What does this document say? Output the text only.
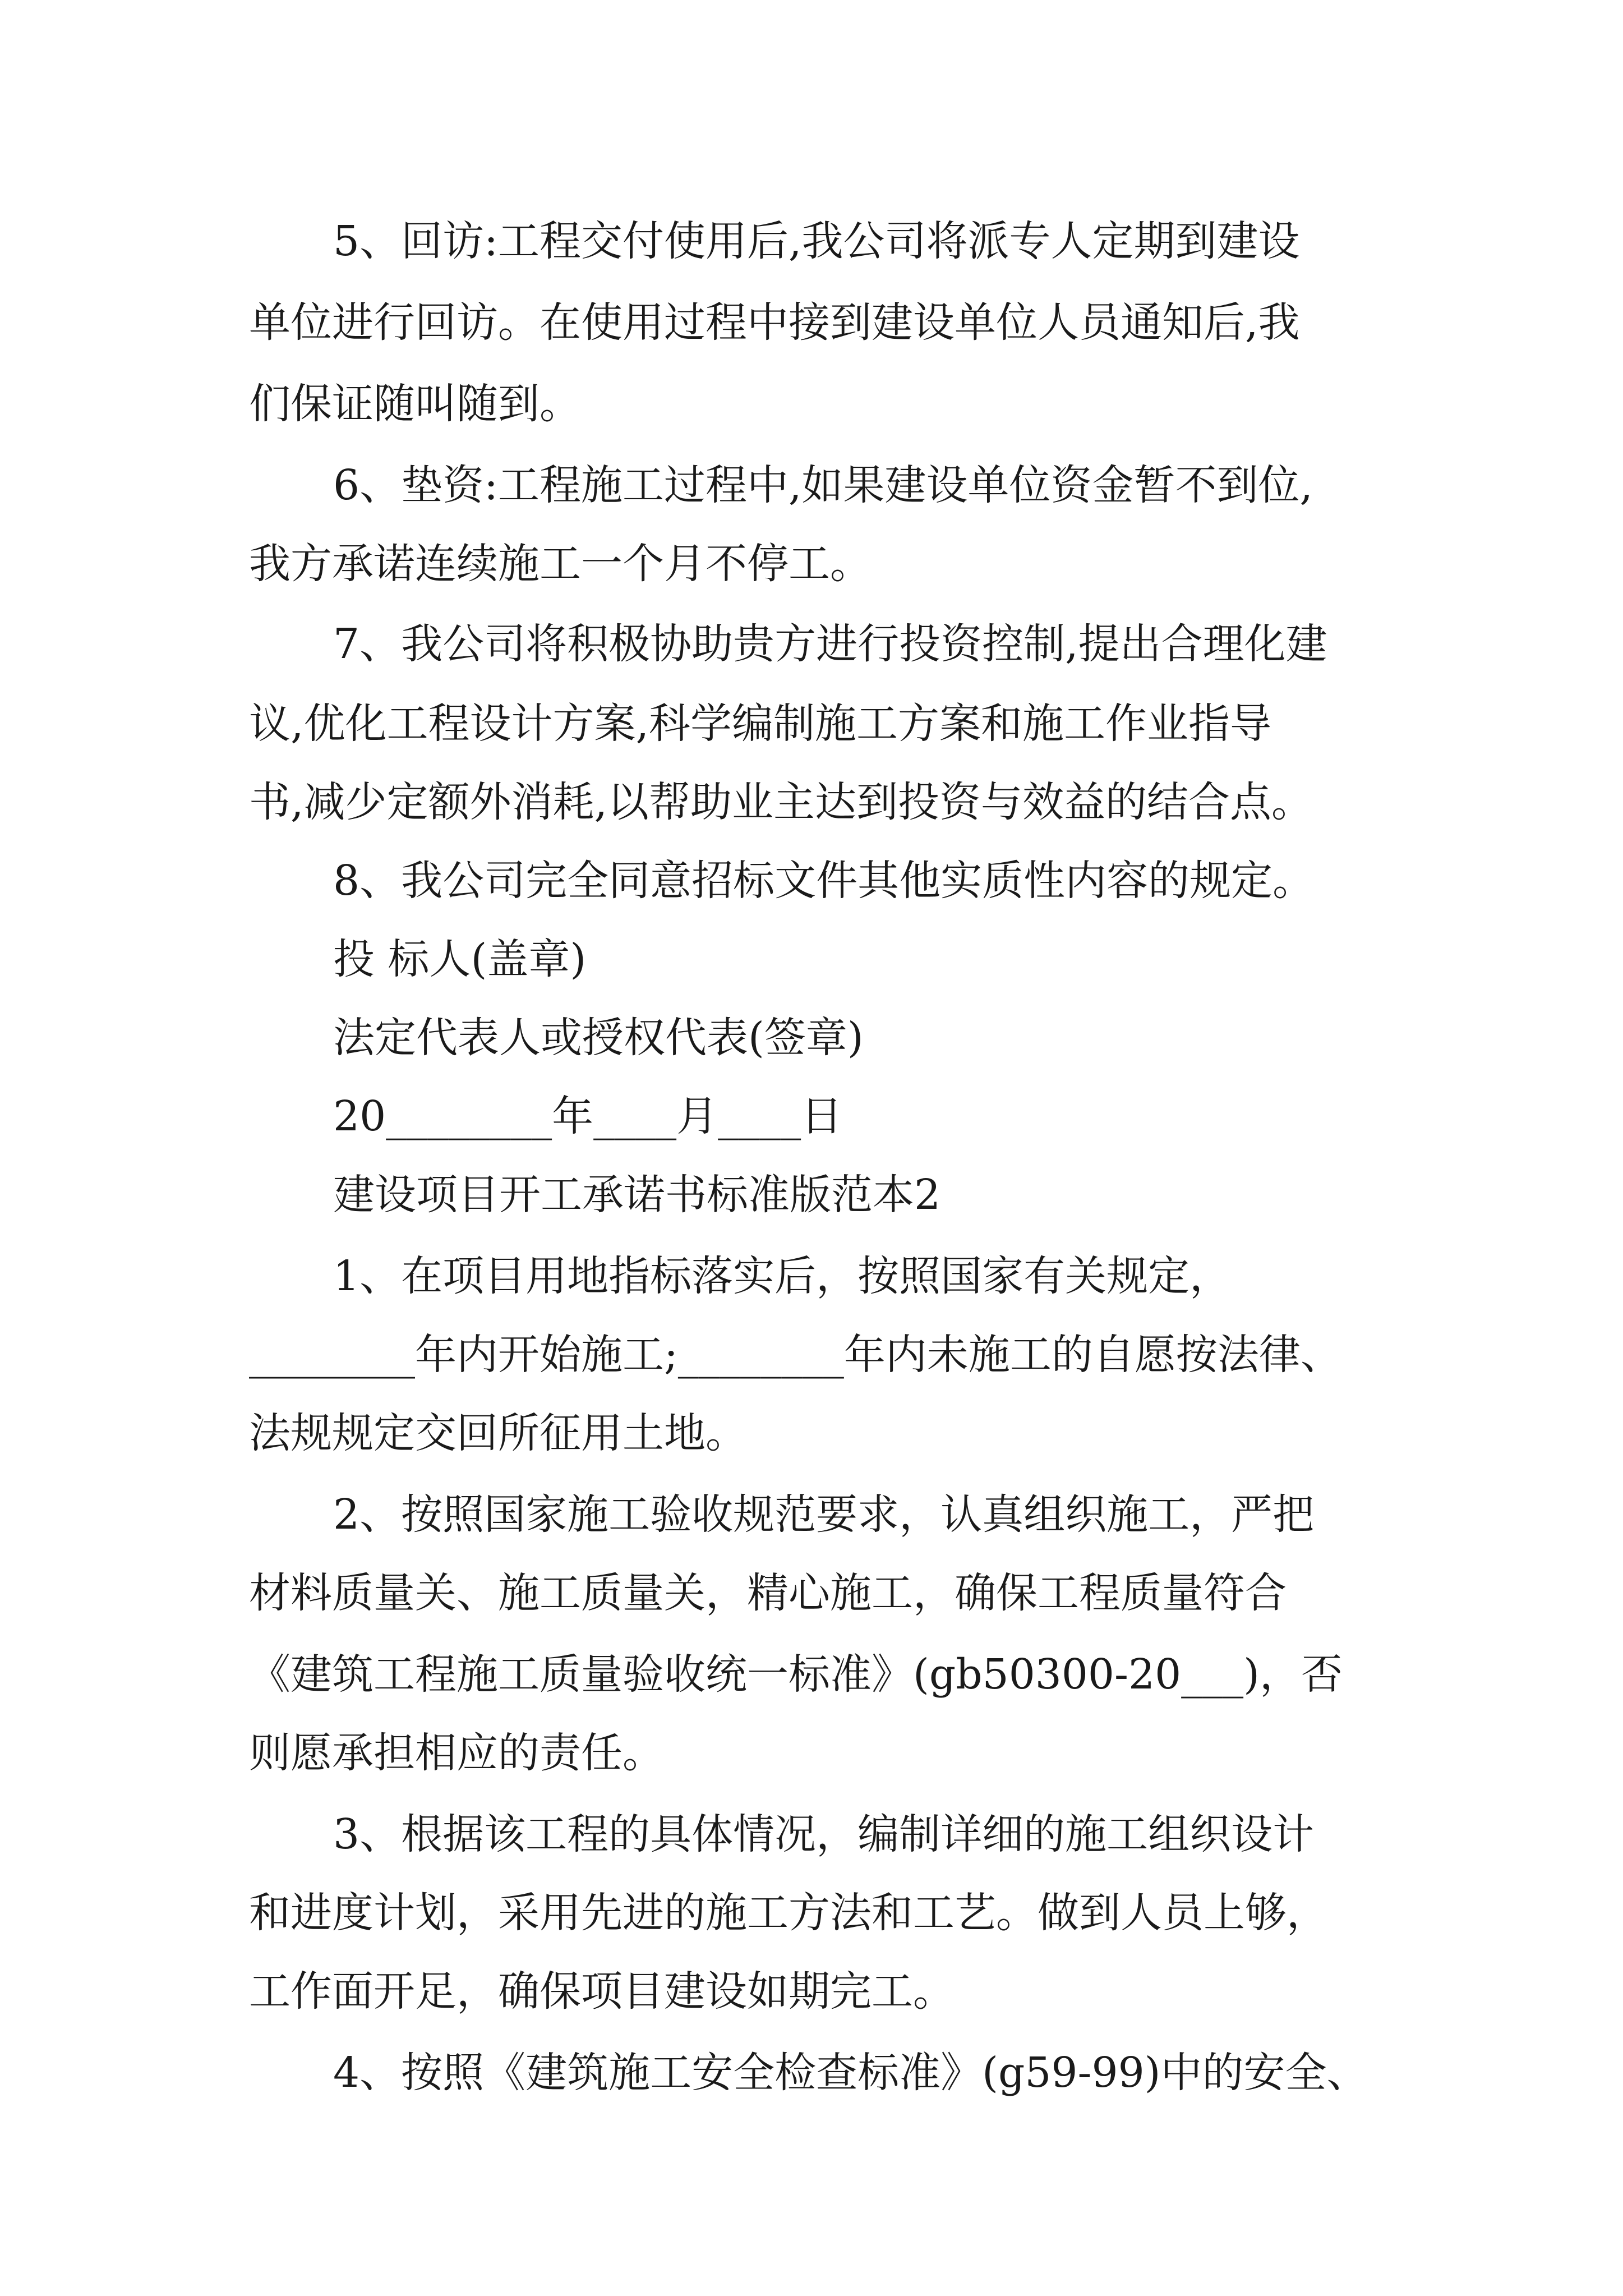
5、回访:工程交付使用后,我公司将派专人定期到建设

单位进行回访。在使用过程中接到建设单位人员通知后,我

们保证随叫随到。

6、垫资:工程施工过程中,如果建设单位资金暂不到位,

我方承诺连续施工一个月不停工。

7、我公司将积极协助贵方进行投资控制,提出合理化建

议,优化工程设计方案,科学编制施工方案和施工作业指导

书,减少定额外消耗,以帮助业主达到投资与效益的结合点。

8、我公司完全同意招标文件其他实质性内容的规定。

投 标人(盖章)

法定代表人或授权代表(签章)

20________年____月____日

建设项目开工承诺书标准版范本2

1、在项目用地指标落实后，按照国家有关规定，

________年内开始施工;________年内未施工的自愿按法律、

法规规定交回所征用土地。

2、按照国家施工验收规范要求，认真组织施工，严把

材料质量关、施工质量关，精心施工，确保工程质量符合

《建筑工程施工质量验收统一标准》(gb50300-20___)，否

则愿承担相应的责任。

3、根据该工程的具体情况，编制详细的施工组织设计

和进度计划，采用先进的施工方法和工艺。做到人员上够，

工作面开足，确保项目建设如期完工。

4、按照《建筑施工安全检查标准》(g59-99)中的安全、
